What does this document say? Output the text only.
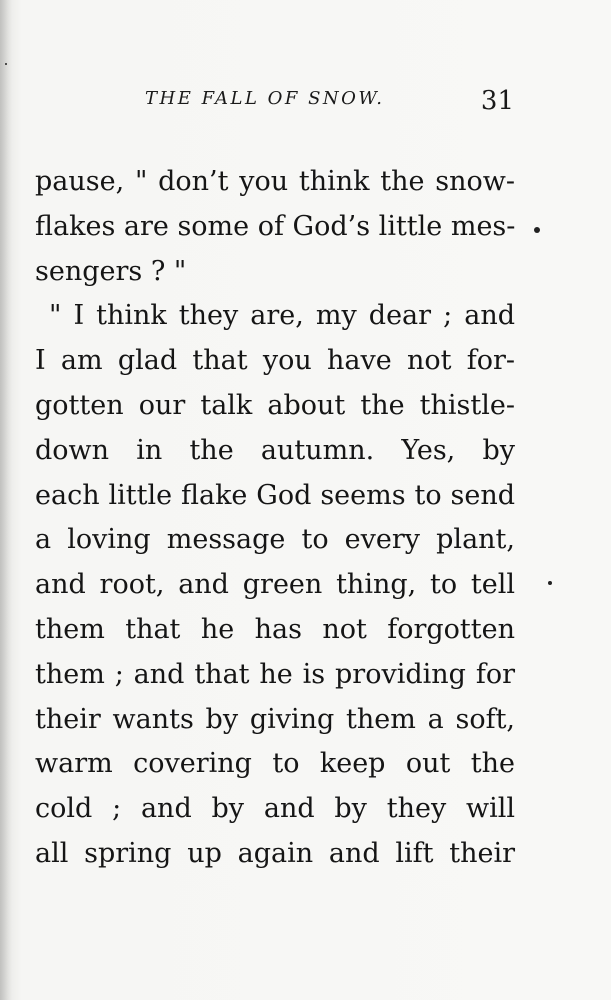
THE FALL OF SNOW.	31
pause, " don’t you think the snow-
flakes are some of God’s little mes-
sengers ? "
" I think they are, my dear ; and
I am glad that you have not for-
gotten our talk about the thistle-
down in the autumn. Yes, by
each little flake God seems to send
a loving message to every plant,
and root, and green thing, to tell
them that he has not forgotten
them ; and that he is providing for
their wants by giving them a soft,
warm covering to keep out the
cold ; and by and by they will
all spring up again and lift their
